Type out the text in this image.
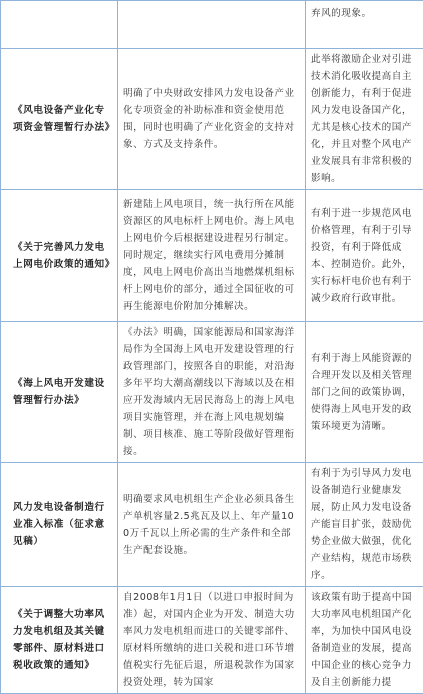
		弃风的现象。
《风电设备产业化专项资金管理暂行办法》	明确了中央财政安排风力发电设备产业化专项资金的补助标准和资金使用范围，同时也明确了产业化资金的支持对象、方式及支持条件。	此举将激励企业对引进技术消化吸收提高自主创新能力，有利于促进风力发电设备国产化，尤其是核心技术的国产化，并且对整个风电产业发展具有非常积极的影响。
《关于完善风力发电上网电价政策的通知》	新建陆上风电项目，统一执行所在风能资源区的风电标杆上网电价。海上风电上网电价今后根据建设进程另行制定。同时规定，继续实行风电费用分摊制度，风电上网电价高出当地燃煤机组标杆上网电价的部分，通过全国征收的可再生能源电价附加分摊解决。	有利于进一步规范风电价格管理，有利于引导投资，有利于降低成本、控制造价。此外，实行标杆电价也有利于减少政府行政审批。
《海上风电开发建设管理暂行办法》	《办法》明确，国家能源局和国家海洋局作为全国海上风电开发建设管理的行政管理部门，按照各自的职能，对沿海多年平均大潮高潮线以下海域以及在相应开发海域内无居民海岛上的海上风电项目实施管理，并在海上风电规划编制、项目核准、施工等阶段做好管理衔接。	有利于海上风能资源的合理开发以及相关管理部门之间的政策协调，使得海上风电开发的政策环境更为清晰。
风力发电设备制造行业准入标准（征求意见稿）	明确要求风电机组生产企业必须具备生产单机容量2.5兆瓦及以上、年产量100万千瓦以上所必需的生产条件和全部生产配套设施。	有利于为引导风力发电设备制造行业健康发展，防止风力发电设备产能盲目扩张，鼓励优势企业做大做强，优化产业结构，规范市场秩序。
《关于调整大功率风力发电机组及其关键零部件、原材料进口税收政策的通知》	自2008年1月1日（以进口申报时间为准）起，对国内企业为开发、制造大功率风力发电机组而进口的关键零部件、原材料所缴纳的进口关税和进口环节增值税实行先征后退，所退税款作为国家投资处理，转为国家	该政策有助于提高中国大功率风电机组国产化率，为加快中国风电设备制造业的发展，提高中国企业的核心竞争力及自主创新能力提
